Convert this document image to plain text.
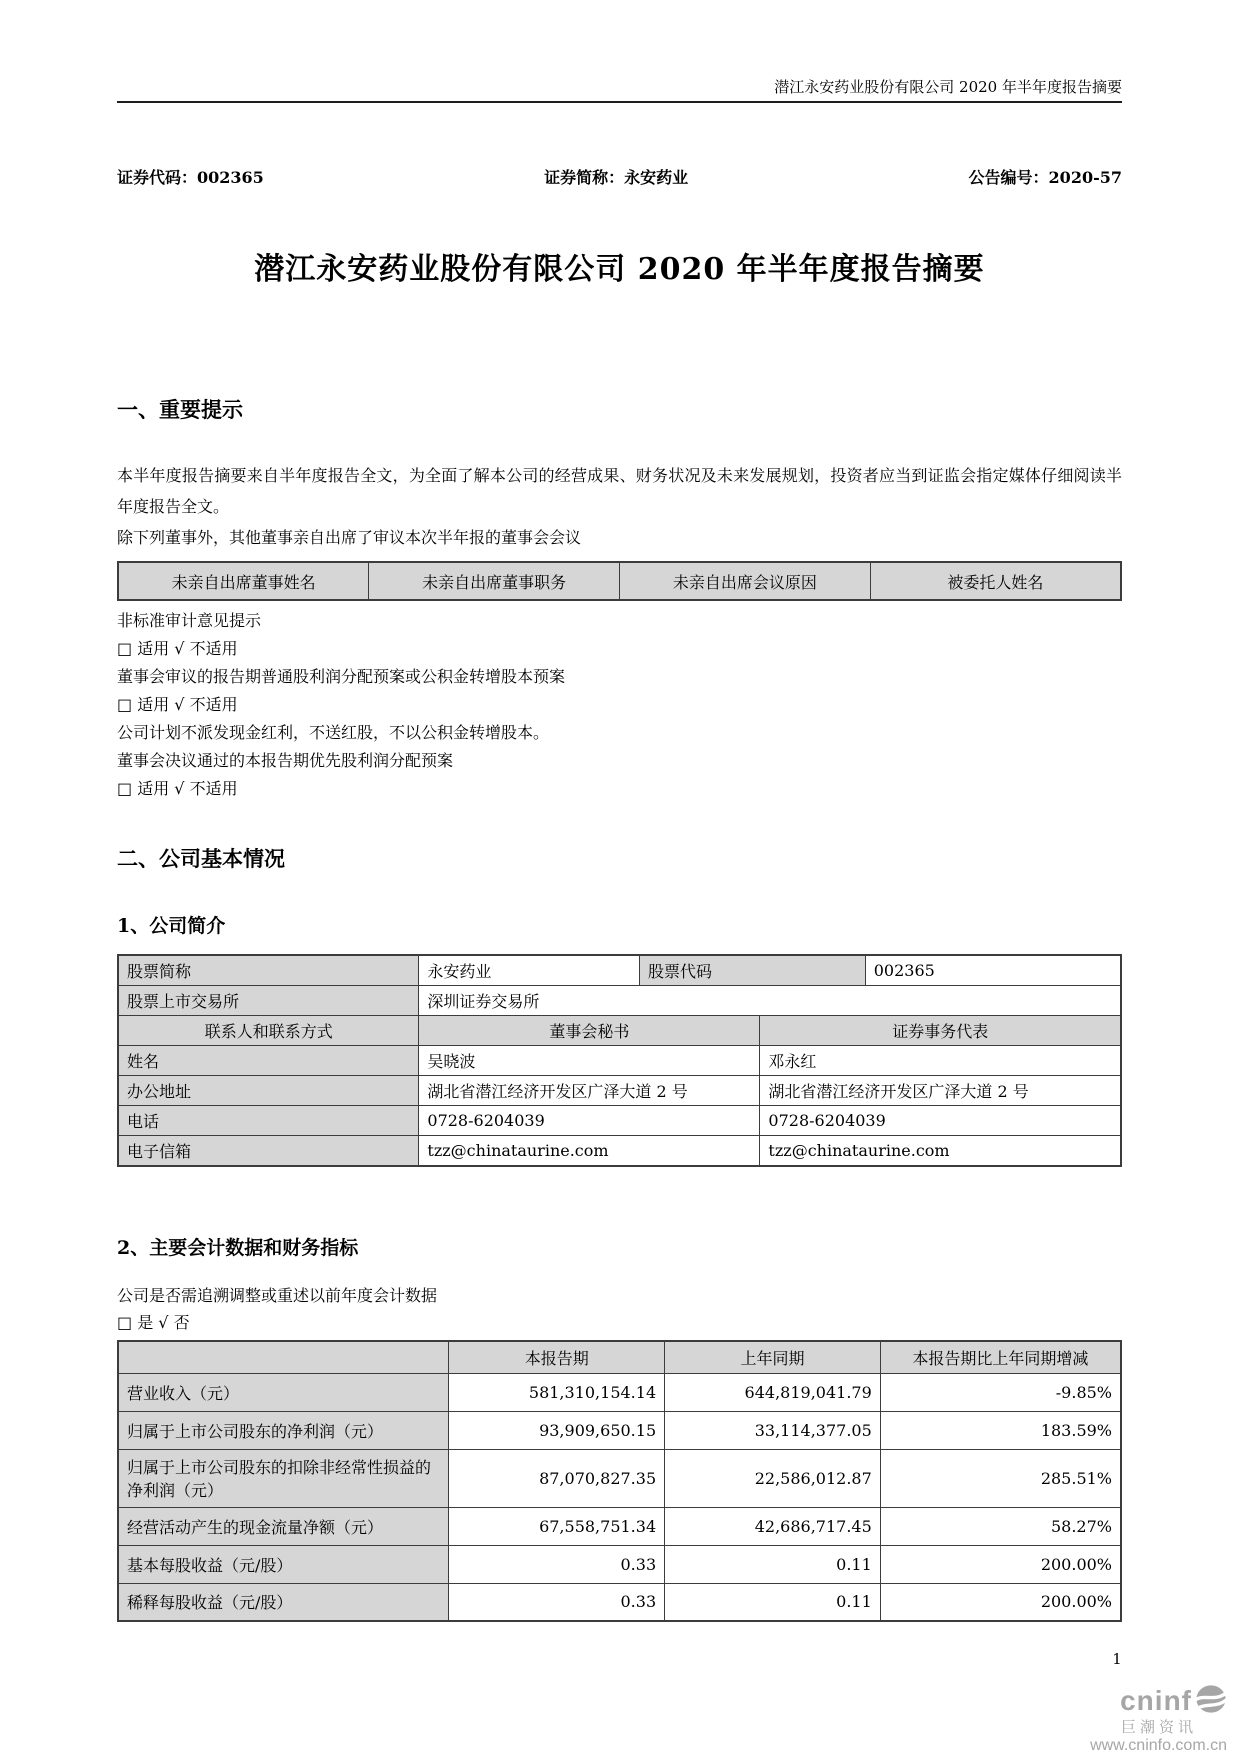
潜江永安药业股份有限公司 2020 年半年度报告摘要
证券代码：002365	证券简称：永安药业	公告编号：2020-57
潜江永安药业股份有限公司 2020 年半年度报告摘要
一、重要提示
本半年度报告摘要来自半年度报告全文，为全面了解本公司的经营成果、财务状况及未来发展规划，投资者应当到证监会指定媒体仔细阅读半年度报告全文。
除下列董事外，其他董事亲自出席了审议本次半年报的董事会会议
未亲自出席董事姓名	未亲自出席董事职务	未亲自出席会议原因	被委托人姓名
非标准审计意见提示
□ 适用 √ 不适用
董事会审议的报告期普通股利润分配预案或公积金转增股本预案
□ 适用 √ 不适用
公司计划不派发现金红利，不送红股，不以公积金转增股本。
董事会决议通过的本报告期优先股利润分配预案
□ 适用 √ 不适用
二、公司基本情况
1、公司简介
股票简称	永安药业	股票代码		002365
股票上市交易所	深圳证券交易所			
联系人和联系方式	董事会秘书		证券事务代表	
姓名	吴晓波		邓永红	
办公地址	湖北省潜江经济开发区广泽大道 2 号		湖北省潜江经济开发区广泽大道 2 号	
电话	0728-6204039		0728-6204039	
电子信箱	tzz@chinataurine.com		tzz@chinataurine.com	
2、主要会计数据和财务指标
公司是否需追溯调整或重述以前年度会计数据
□ 是 √ 否
	本报告期	上年同期	本报告期比上年同期增减
营业收入（元）	581,310,154.14	644,819,041.79	-9.85%
归属于上市公司股东的净利润（元）	93,909,650.15	33,114,377.05	183.59%
归属于上市公司股东的扣除非经常性损益的净利润（元）	87,070,827.35	22,586,012.87	285.51%
经营活动产生的现金流量净额（元）	67,558,751.34	42,686,717.45	58.27%
基本每股收益（元/股）	0.33	0.11	200.00%
稀释每股收益（元/股）	0.33	0.11	200.00%
1
cninf
巨潮资讯
www.cninfo.com.cn
